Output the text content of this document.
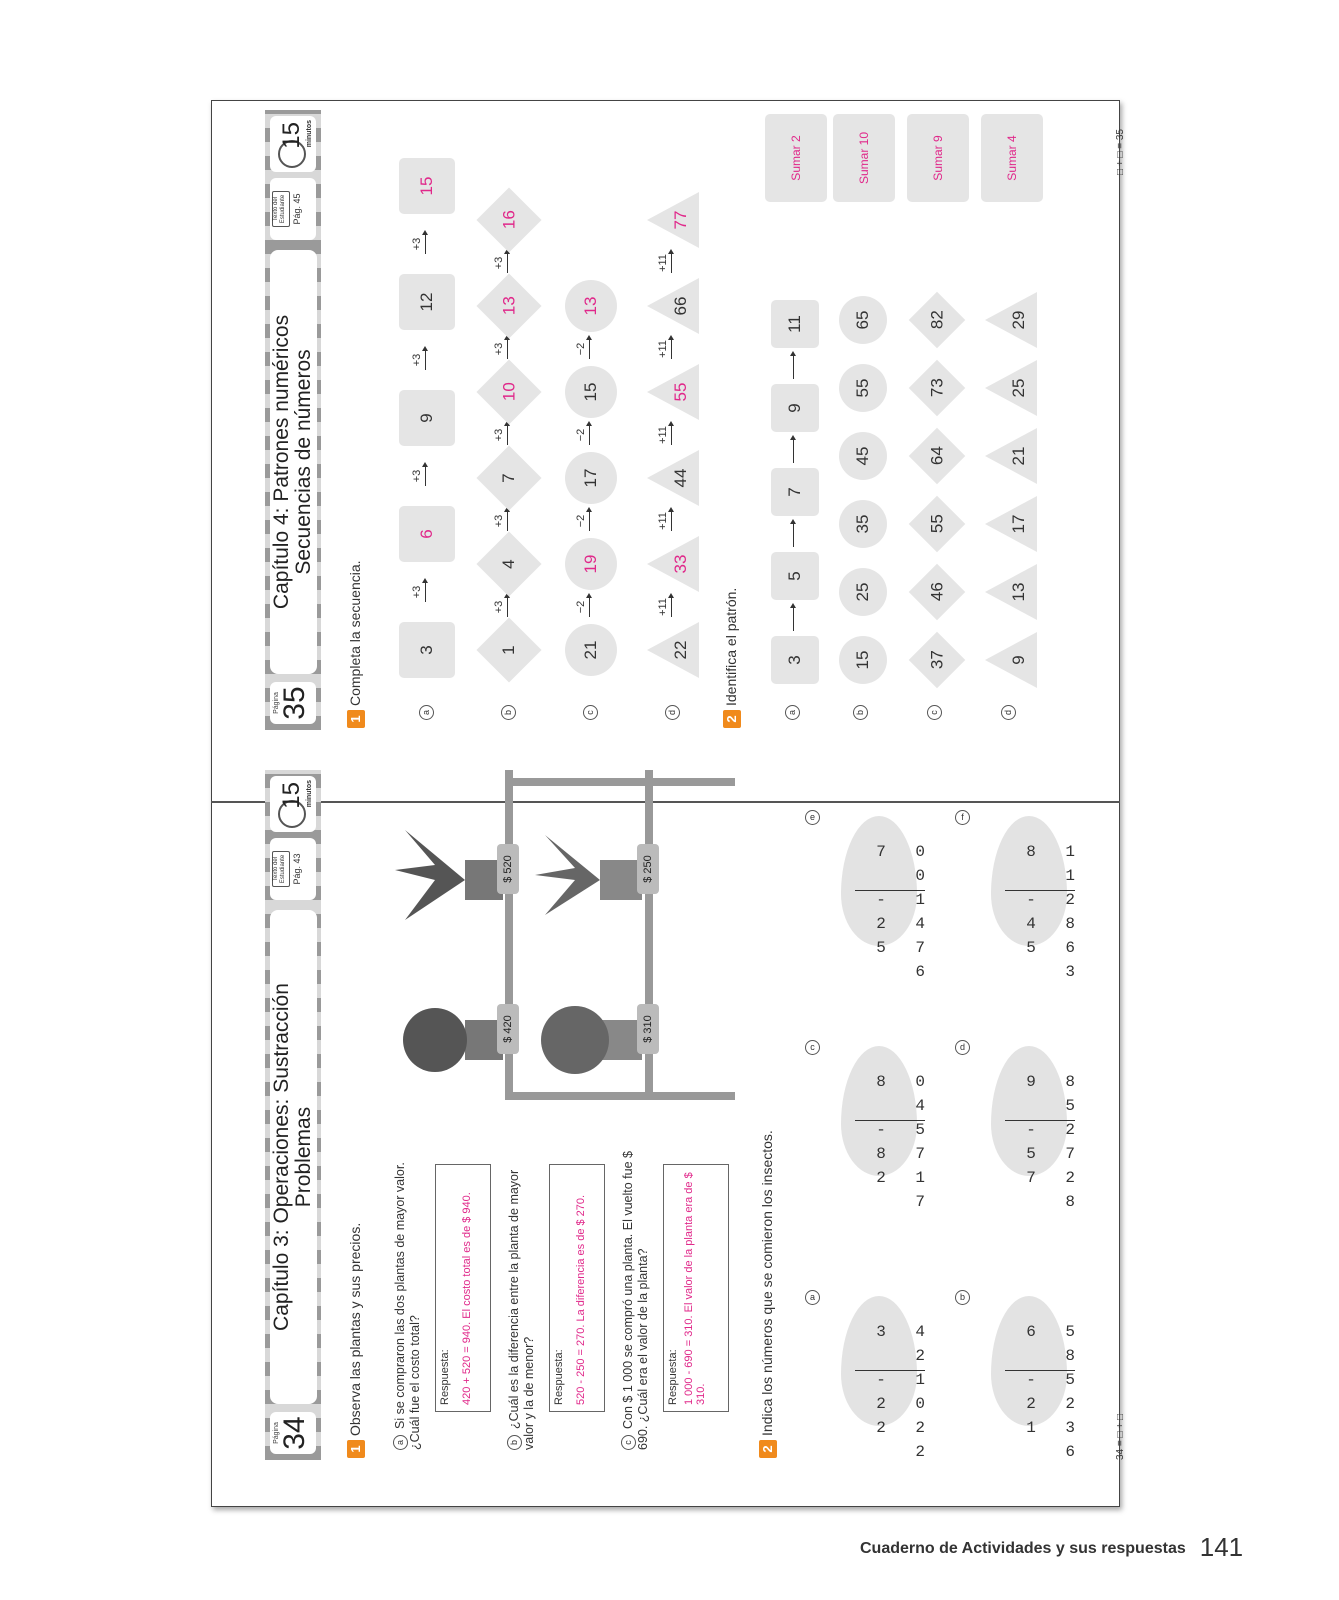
Página
34
Capítulo 3: Operaciones: Sustracción Problemas
Texto del Estudiante Pág. 43
15 minutos
1Observa las plantas y sus precios.
aSi se compraron las dos plantas de mayor valor. ¿Cuál fue el costo total? Respuesta: 420 + 520 = 940. El costo total es de $ 940.
b¿Cuál es la diferencia entre la planta de mayor valor y la de menor? Respuesta: 520 - 250 = 270. La diferencia es de $ 270.
cCon $ 1 000 se compró una planta. El vuelto fue $ 690. ¿Cuál era el valor de la planta? Respuesta: 1 000 - 690 = 310. El valor de la planta era de $ 310.
$ 420
$ 520
$ 310
$ 250
2Indica los números que se comieron los insectos.	a
3 4 2
- 1 2 0
2 2 2
b
6 5 8
- 5 2 2
1 3 6
c
8 0 4
- 5 8 7
2 1 7
d
9 8 5
- 2 5 7
7 2 8
e
7 0 0
- 1 2 4
5 7 6
f
8 1 1
- 2 4 8
5 6 3
34 = □ + □
Página
35
Capítulo 4: Patrones numéricos Secuencias de números
Texto del Estudiante Pág. 45
15 minutos
1Completa la secuencia.
a
3
+3
6
+3
9
+3
12
+3
15
b
1
+3
4
+3
7
+3
10
+3
13
+3
16
c
21
−2
19
−2
17
−2
15
−2
13
d
22
+11
33
+11
44
+11
55
+11
66
+11
77
2Identifica el patrón.
a
3
5
7
9
11
Sumar 2
b
15
25
35
45
55
65
Sumar 10
c
37
46
55
64
73
82
Sumar 9
d
9
13
17
21
25
29
Sumar 4	□ + □ = 35
Cuaderno de Actividades y sus respuestas 141
